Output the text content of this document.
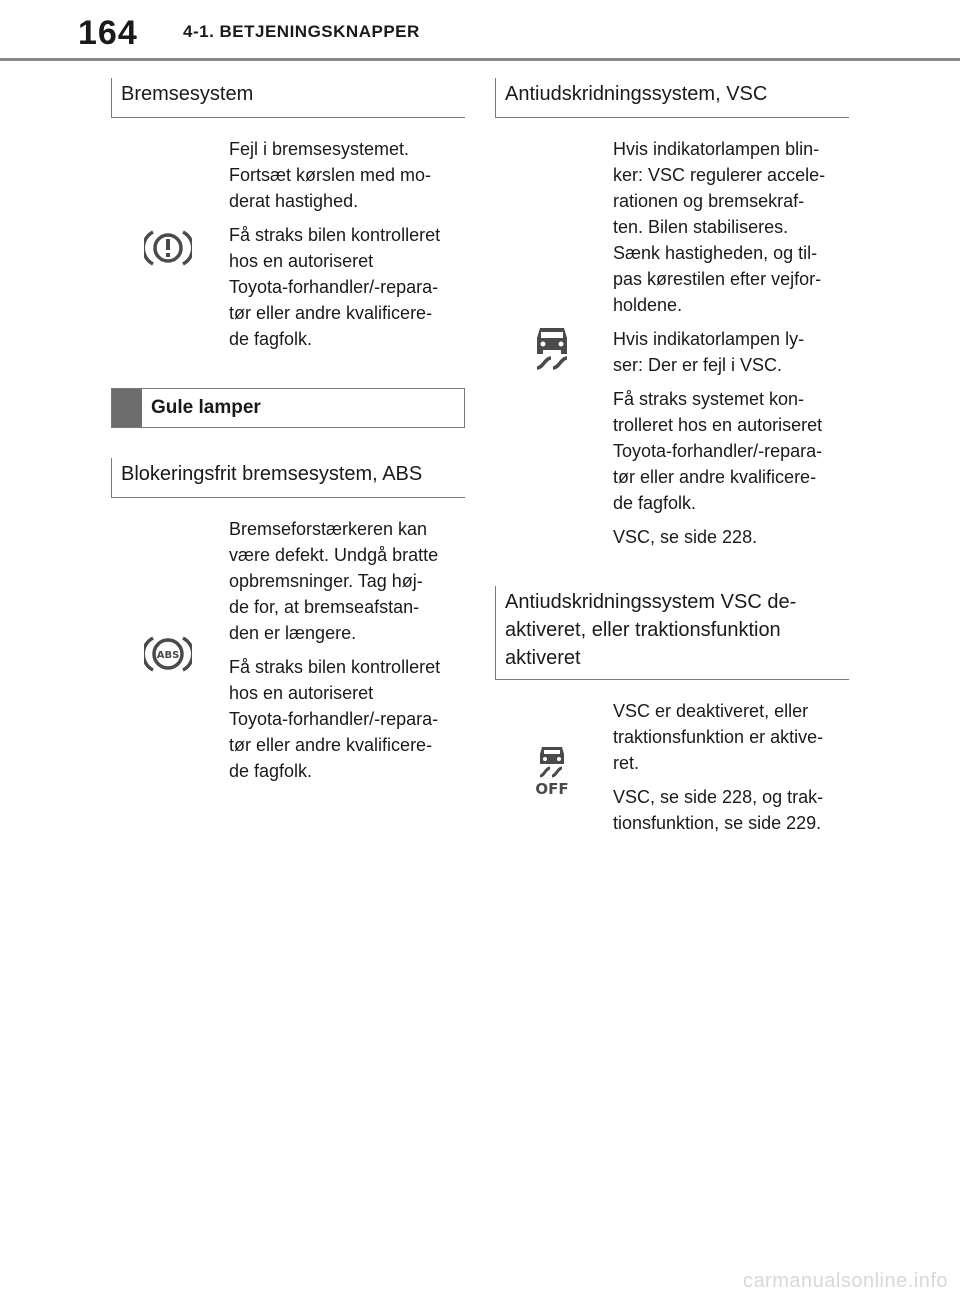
164	4-1. BETJENINGSKNAPPER
Bremsesystem

Fejl i bremsesystemet.
Fortsæt kørslen med mo-
derat hastighed.

Få straks bilen kontrolleret
hos en autoriseret
Toyota-forhandler/-repara-
tør eller andre kvalificere-
de fagfolk.

Gule lamper
Blokeringsfrit bremsesystem, ABS
ABS

Bremseforstærkeren kan
være defekt. Undgå bratte
opbremsninger. Tag høj-
de for, at bremseafstan-
den er længere.

Få straks bilen kontrolleret
hos en autoriseret
Toyota-forhandler/-repara-
tør eller andre kvalificere-
de fagfolk.

Antiudskridningssystem, VSC

Hvis indikatorlampen blin-
ker: VSC regulerer accele-
rationen og bremsekraf-
ten. Bilen stabiliseres.
Sænk hastigheden, og til-
pas kørestilen efter vejfor-
holdene.

Hvis indikatorlampen ly-
ser: Der er fejl i VSC.

Få straks systemet kon-
trolleret hos en autoriseret
Toyota-forhandler/-repara-
tør eller andre kvalificere-
de fagfolk.

VSC, se side 228.

Antiudskridningssystem VSC de-
aktiveret, eller traktionsfunktion
aktiveret
OFF

VSC er deaktiveret, eller
traktionsfunktion er aktive-
ret.

VSC, se side 228, og trak-
tionsfunktion, se side 229.

carmanualsonline.info
